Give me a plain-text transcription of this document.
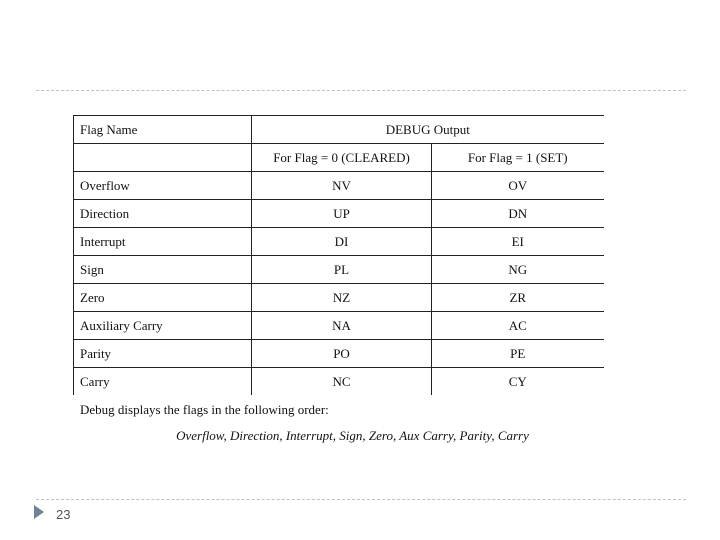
Flag Name	DEBUG Output	
	For Flag = 0 (CLEARED)	For Flag = 1 (SET)
Overflow	NV	OV
Direction	UP	DN
Interrupt	DI	EI
Sign	PL	NG
Zero	NZ	ZR
Auxiliary Carry	NA	AC
Parity	PO	PE
Carry	NC	CY
Debug displays the flags in the following order:
Overflow, Direction, Interrupt, Sign, Zero, Aux Carry, Parity, Carry
23
